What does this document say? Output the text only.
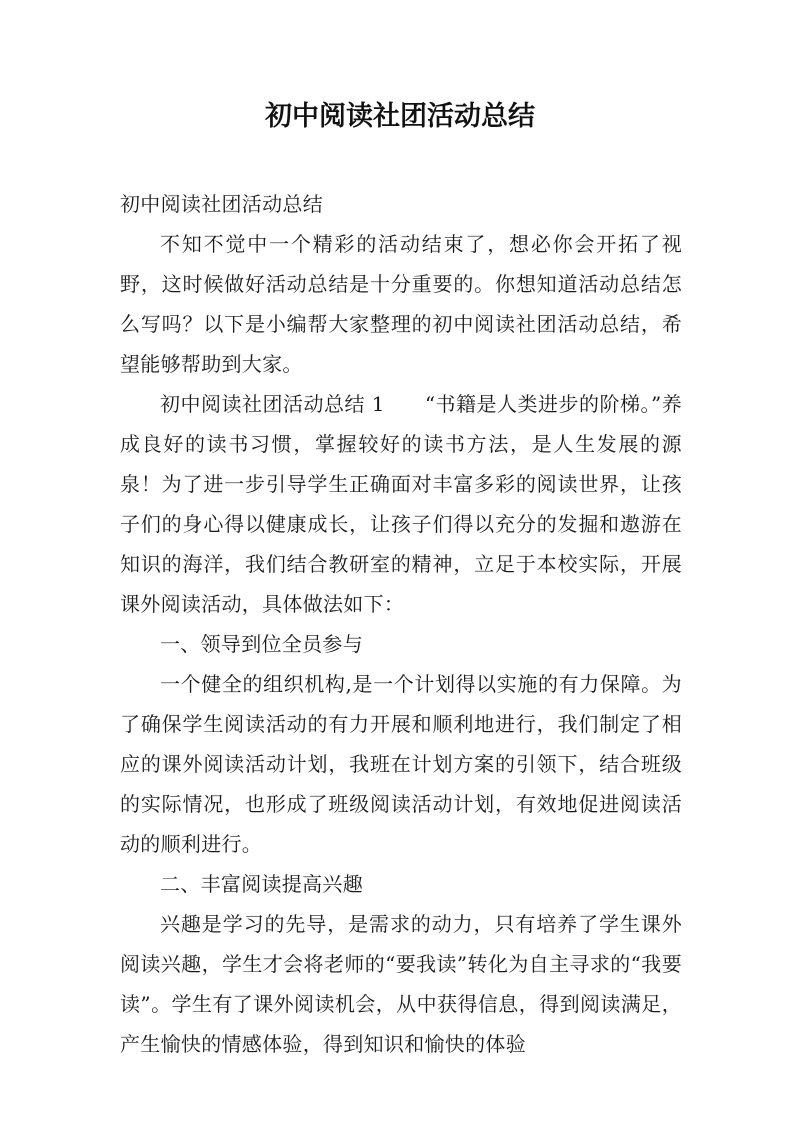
初中阅读社团活动总结

初中阅读社团活动总结

不知不觉中一个精彩的活动结束了，想必你会开拓了视野，这时候做好活动总结是十分重要的。你想知道活动总结怎么写吗？以下是小编帮大家整理的初中阅读社团活动总结，希望能够帮助到大家。

初中阅读社团活动总结 1 “书籍是人类进步的阶梯。”养成良好的读书习惯，掌握较好的读书方法，是人生发展的源泉！为了进一步引导学生正确面对丰富多彩的阅读世界，让孩子们的身心得以健康成长，让孩子们得以充分的发掘和遨游在知识的海洋，我们结合教研室的精神，立足于本校实际，开展课外阅读活动，具体做法如下：

一、领导到位全员参与

一个健全的组织机构,是一个计划得以实施的有力保障。为了确保学生阅读活动的有力开展和顺利地进行，我们制定了相应的课外阅读活动计划，我班在计划方案的引领下，结合班级的实际情况，也形成了班级阅读活动计划，有效地促进阅读活动的顺利进行。

二、丰富阅读提高兴趣

兴趣是学习的先导，是需求的动力，只有培养了学生课外阅读兴趣，学生才会将老师的“要我读”转化为自主寻求的“我要读”。学生有了课外阅读机会，从中获得信息，得到阅读满足，产生愉快的情感体验，得到知识和愉快的体验
